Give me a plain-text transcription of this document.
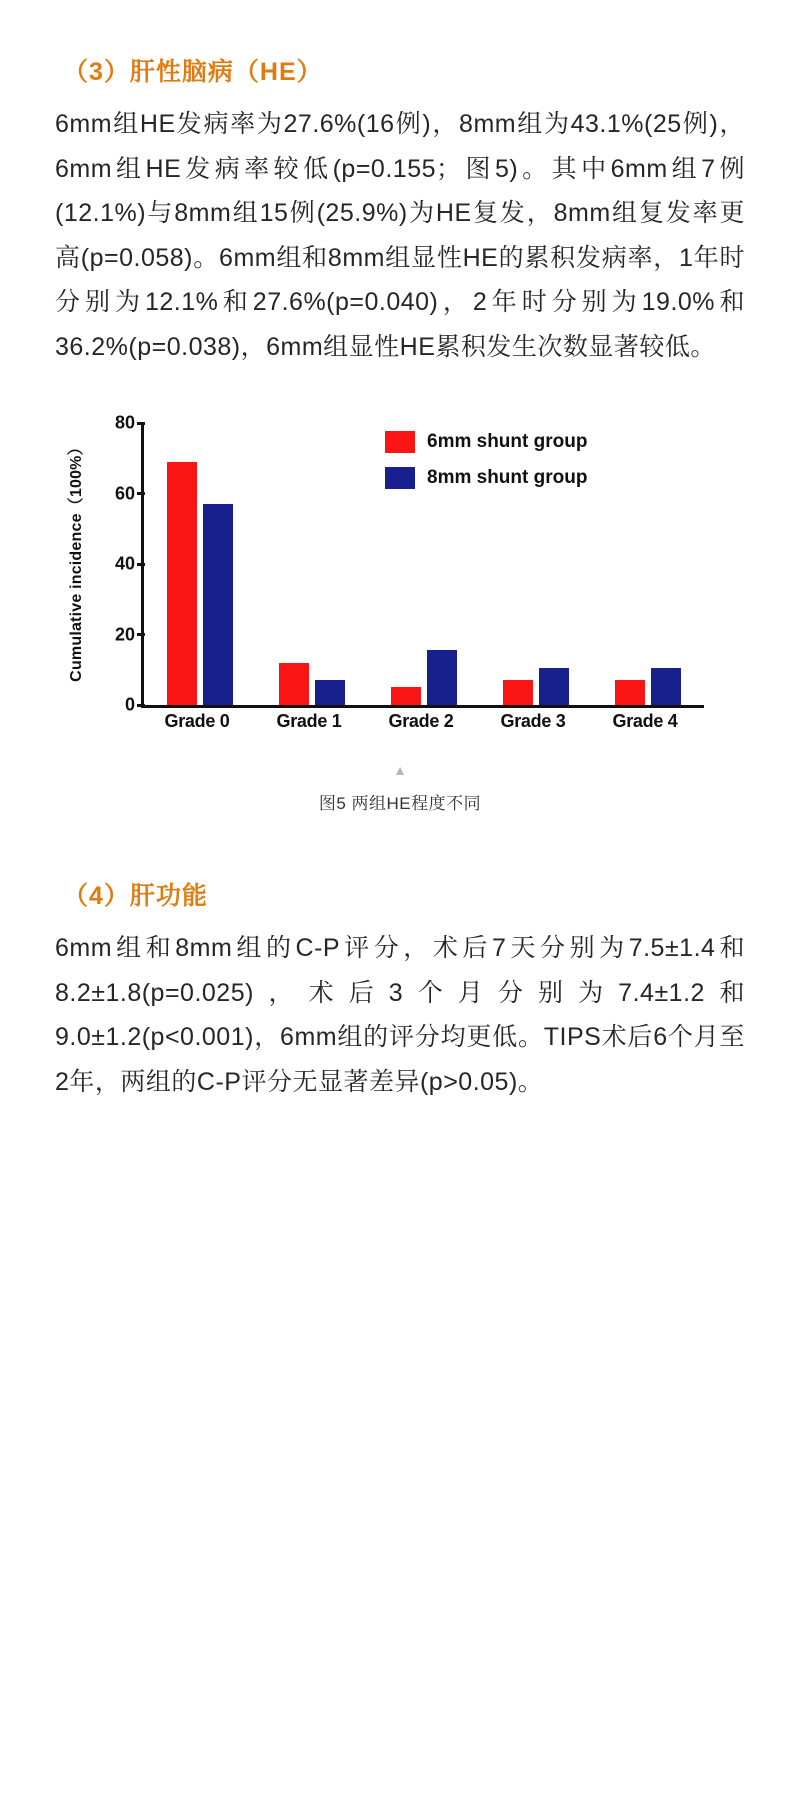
（3）肝性脑病（HE）

6mm组HE发病率为27.6%(16例)，8mm组为43.1%(25例)，6mm组HE发病率较低(p=0.155；图5)。其中6mm组7例(12.1%)与8mm组15例(25.9%)为HE复发，8mm组复发率更高(p=0.058)。6mm组和8mm组显性HE的累积发病率，1年时分别为12.1%和27.6%(p=0.040)，2年时分别为19.0%和36.2%(p=0.038)，6mm组显性HE累积发生次数显著较低。

Cumulative incidence（100%）
0
20
40
60
80
Grade 0	Grade 1	Grade 2	Grade 3	Grade 4
6mm shunt group
8mm shunt group
▲
图5 两组HE程度不同
（4）肝功能

6mm组和8mm组的C-P评分，术后7天分别为7.5±1.4和8.2±1.8(p=0.025)，术后3个月分别为7.4±1.2和9.0±1.2(p<0.001)，6mm组的评分均更低。TIPS术后6个月至2年，两组的C-P评分无显著差异(p>0.05)。
